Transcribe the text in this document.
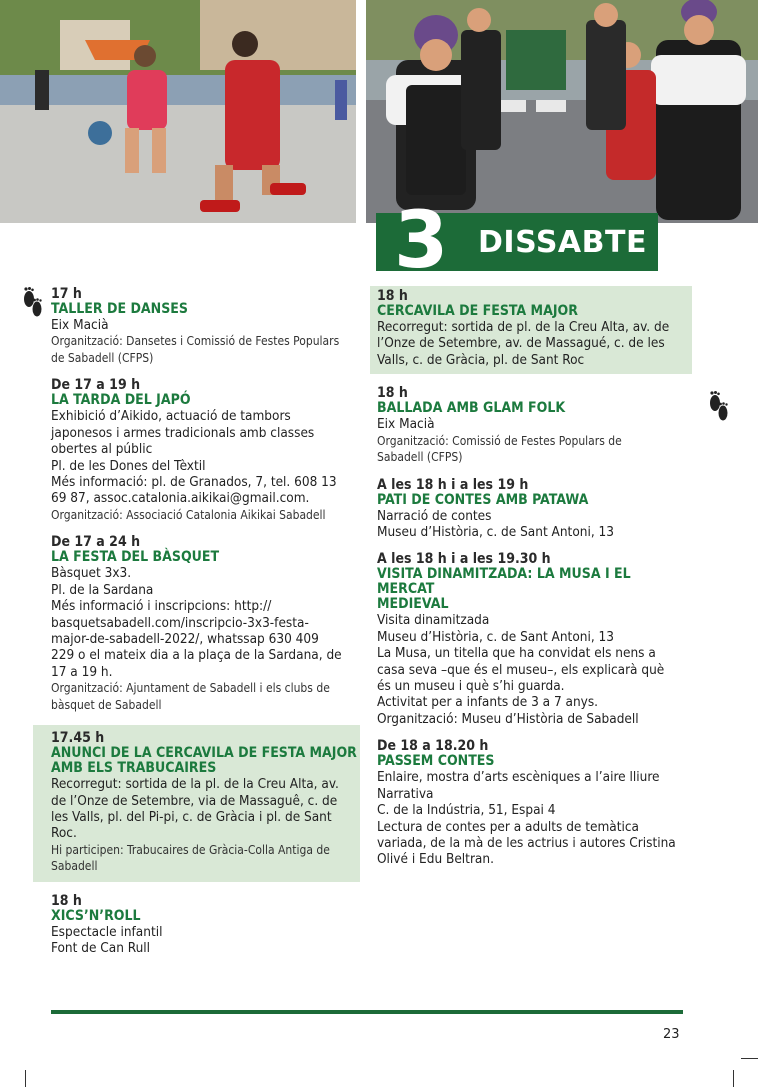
3 DISSABTE
17 h
TALLER DE DANSES
Eix Macià
Organització: Dansetes i Comissió de Festes Populars
de Sabadell (CFPS)
De 17 a 19 h
LA TARDA DEL JAPÓ
Exhibició d’Aikido, actuació de tambors
japonesos i armes tradicionals amb classes
obertes al públic
Pl. de les Dones del Tèxtil
Més informació: pl. de Granados, 7, tel. 608 13
69 87, assoc.catalonia.aikikai@gmail.com.
Organització: Associació Catalonia Aikikai Sabadell
De 17 a 24 h
LA FESTA DEL BÀSQUET
Bàsquet 3x3.
Pl. de la Sardana
Més informació i inscripcions: http://
basquetsabadell.com/inscripcio-3x3-festa-
major-de-sabadell-2022/, whatssap 630 409
229 o el mateix dia a la plaça de la Sardana, de
17 a 19 h.
Organització: Ajuntament de Sabadell i els clubs de
bàsquet de Sabadell
17.45 h
ANUNCI DE LA CERCAVILA DE FESTA MAJOR
AMB ELS TRABUCAIRES
Recorregut: sortida de la pl. de la Creu Alta, av.
de l’Onze de Setembre, via de Massaguê, c. de
les Valls, pl. del Pi-pi, c. de Gràcia i pl. de Sant
Roc.
Hi participen: Trabucaires de Gràcia-Colla Antiga de
Sabadell
18 h
XICS’N’ROLL
Espectacle infantil
Font de Can Rull
18 h
CERCAVILA DE FESTA MAJOR
Recorregut: sortida de pl. de la Creu Alta, av. de
l’Onze de Setembre, av. de Massagué, c. de les
Valls, c. de Gràcia, pl. de Sant Roc
18 h
BALLADA AMB GLAM FOLK
Eix Macià
Organització: Comissió de Festes Populars de
Sabadell (CFPS)
A les 18 h i a les 19 h
PATI DE CONTES AMB PATAWA
Narració de contes
Museu d’Història, c. de Sant Antoni, 13
A les 18 h i a les 19.30 h
VISITA DINAMITZADA: LA MUSA I EL MERCAT
MEDIEVAL
Visita dinamitzada
Museu d’Història, c. de Sant Antoni, 13
La Musa, un titella que ha convidat els nens a
casa seva –que és el museu–, els explicarà què
és un museu i què s’hi guarda.
Activitat per a infants de 3 a 7 anys.
Organització: Museu d’Història de Sabadell
De 18 a 18.20 h
PASSEM CONTES
Enlaire, mostra d’arts escèniques a l’aire lliure
Narrativa
C. de la Indústria, 51, Espai 4
Lectura de contes per a adults de temàtica
variada, de la mà de les actrius i autores Cristina
Olivé i Edu Beltran.
23
